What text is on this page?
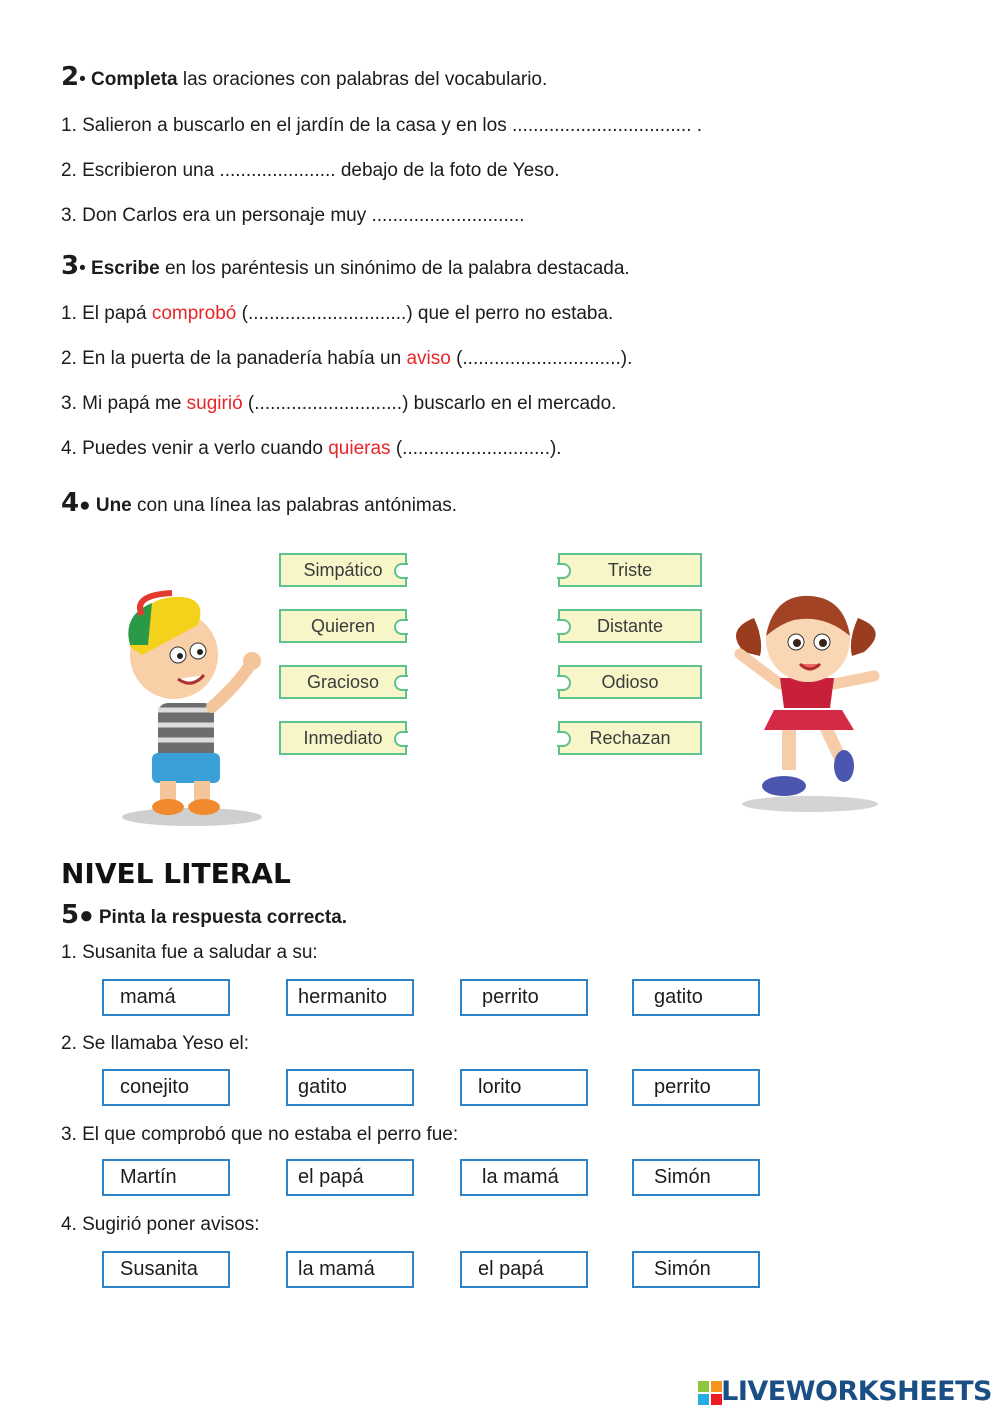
2• Completa las oraciones con palabras del vocabulario.
1. Salieron a buscarlo en el jardín de la casa y en los .................................. .
2. Escribieron una ...................... debajo de la foto de Yeso.
3. Don Carlos era un personaje muy .............................
3• Escribe en los paréntesis un sinónimo de la palabra destacada.
1. El papá comprobó (..............................) que el perro no estaba.
2. En la puerta de la panadería había un aviso (..............................).
3. Mi papá me sugirió (............................) buscarlo en el mercado.
4. Puedes venir a verlo cuando quieras (............................).
4● Une con una línea las palabras antónimas.
Simpático
Quieren
Gracioso
Inmediato
Triste
Distante
Odioso
Rechazan
NIVEL LITERAL
5● Pinta la respuesta correcta.
1. Susanita fue a saludar a su:
mamá	hermanito	perrito	gatito
2. Se llamaba Yeso el:
conejito	gatito	lorito	perrito
3. El que comprobó que no estaba el perro fue:
Martín	el papá	la mamá	Simón
4. Sugirió poner avisos:
Susanita	la mamá	el papá	Simón
LIVEWORKSHEETS
